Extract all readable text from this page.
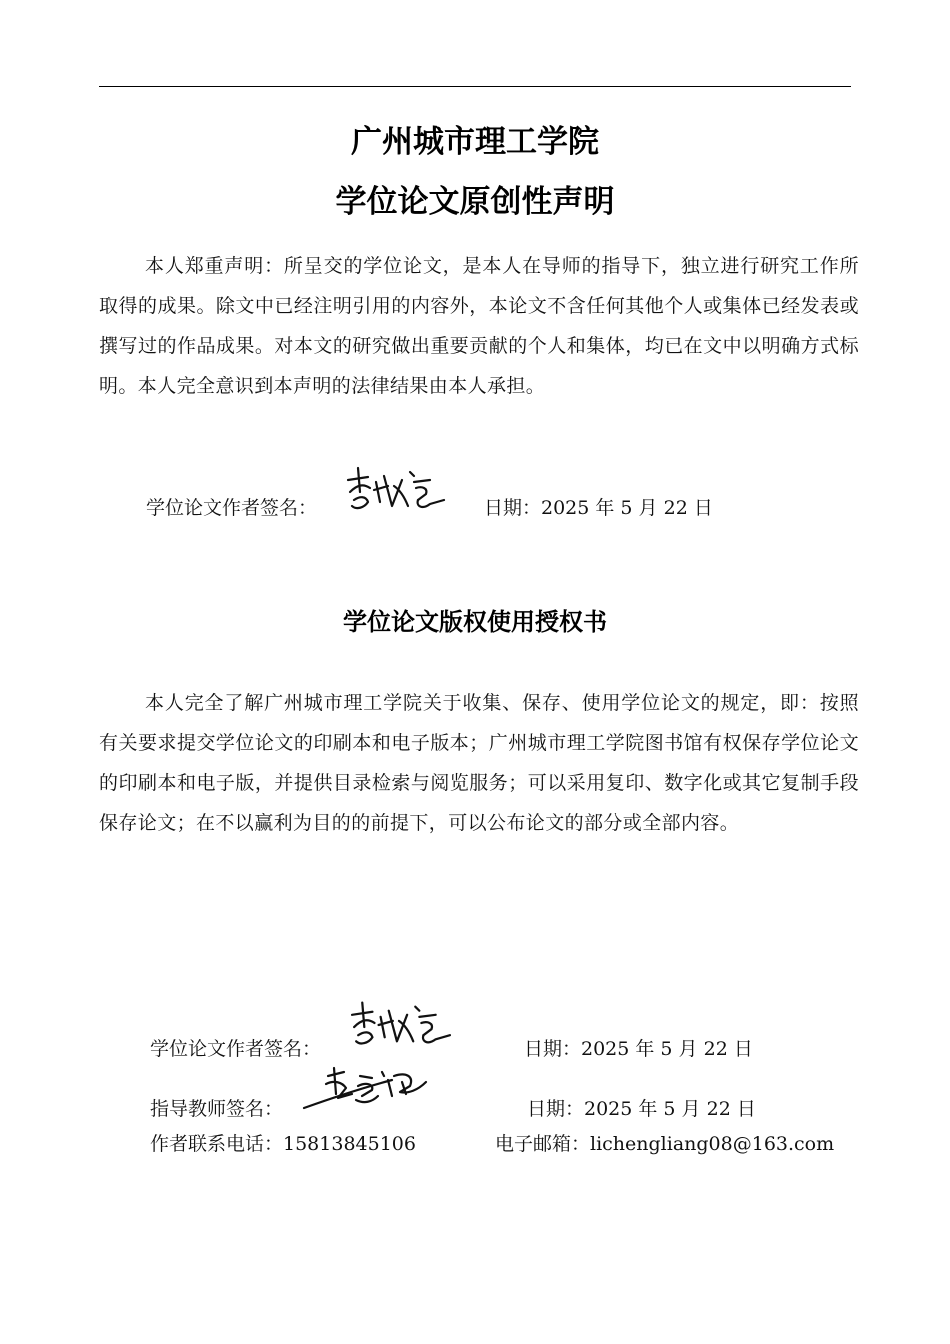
广州城市理工学院
学位论文原创性声明
本人郑重声明：所呈交的学位论文，是本人在导师的指导下，独立进行研究工作所取得的成果。除文中已经注明引用的内容外，本论文不含任何其他个人或集体已经发表或撰写过的作品成果。对本文的研究做出重要贡献的个人和集体，均已在文中以明确方式标明。本人完全意识到本声明的法律结果由本人承担。
学位论文作者签名：	日期：2025 年 5 月 22 日
学位论文版权使用授权书
本人完全了解广州城市理工学院关于收集、保存、使用学位论文的规定，即：按照有关要求提交学位论文的印刷本和电子版本；广州城市理工学院图书馆有权保存学位论文的印刷本和电子版，并提供目录检索与阅览服务；可以采用复印、数字化或其它复制手段保存论文；在不以赢利为目的的前提下，可以公布论文的部分或全部内容。
学位论文作者签名：	日期：2025 年 5 月 22 日
指导教师签名：	日期：2025 年 5 月 22 日
作者联系电话：15813845106	电子邮箱：lichengliang08@163.com
